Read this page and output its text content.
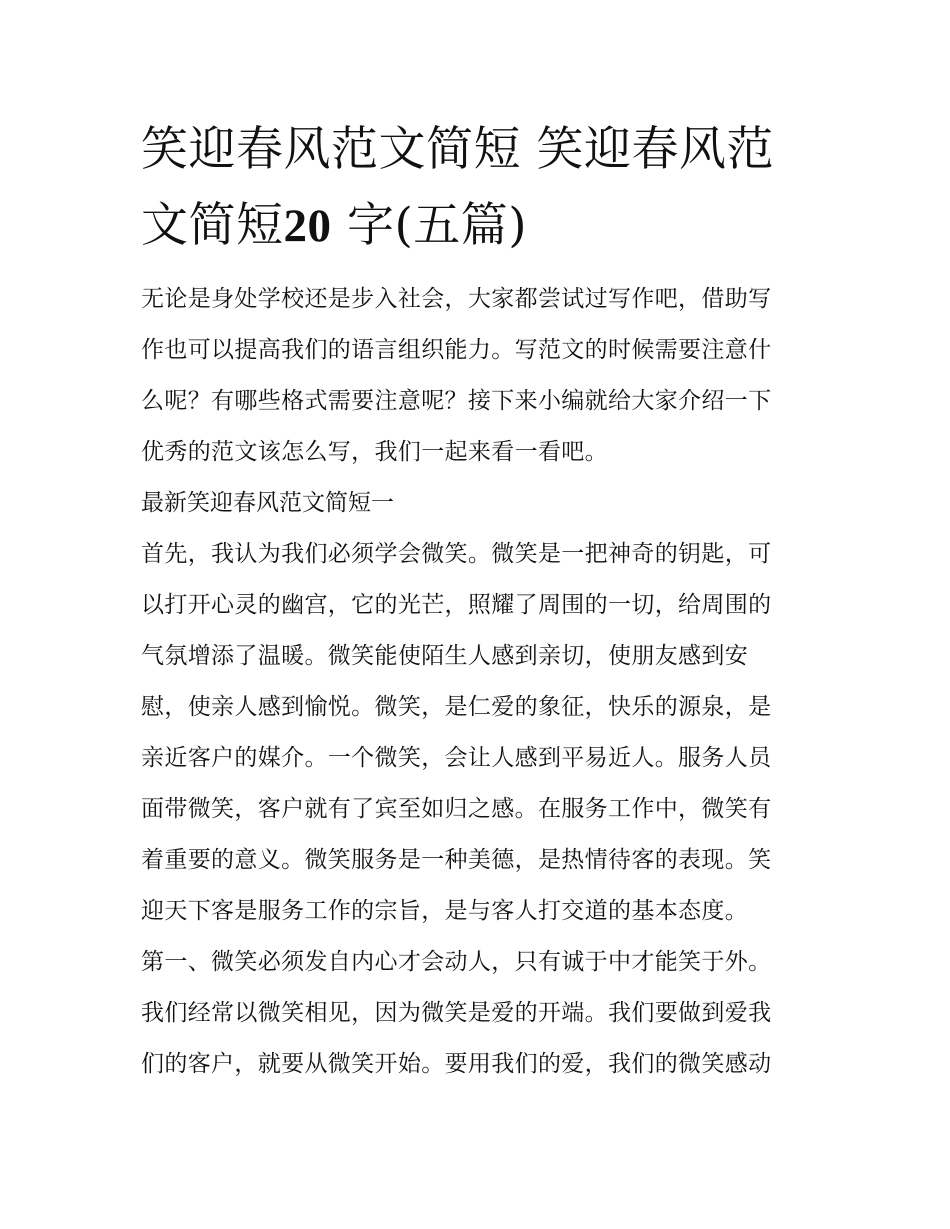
笑迎春风范文简短 笑迎春风范
文简短20 字(五篇)
无论是身处学校还是步入社会，大家都尝试过写作吧，借助写
作也可以提高我们的语言组织能力。写范文的时候需要注意什
么呢？有哪些格式需要注意呢？接下来小编就给大家介绍一下
优秀的范文该怎么写，我们一起来看一看吧。
最新笑迎春风范文简短一
首先，我认为我们必须学会微笑。微笑是一把神奇的钥匙，可
以打开心灵的幽宫，它的光芒，照耀了周围的一切，给周围的
气氛增添了温暖。微笑能使陌生人感到亲切，使朋友感到安
慰，使亲人感到愉悦。微笑，是仁爱的象征，快乐的源泉，是
亲近客户的媒介。一个微笑，会让人感到平易近人。服务人员
面带微笑，客户就有了宾至如归之感。在服务工作中，微笑有
着重要的意义。微笑服务是一种美德，是热情待客的表现。笑
迎天下客是服务工作的宗旨，是与客人打交道的基本态度。
第一、微笑必须发自内心才会动人，只有诚于中才能笑于外。
我们经常以微笑相见，因为微笑是爱的开端。我们要做到爱我
们的客户，就要从微笑开始。要用我们的爱，我们的微笑感动
